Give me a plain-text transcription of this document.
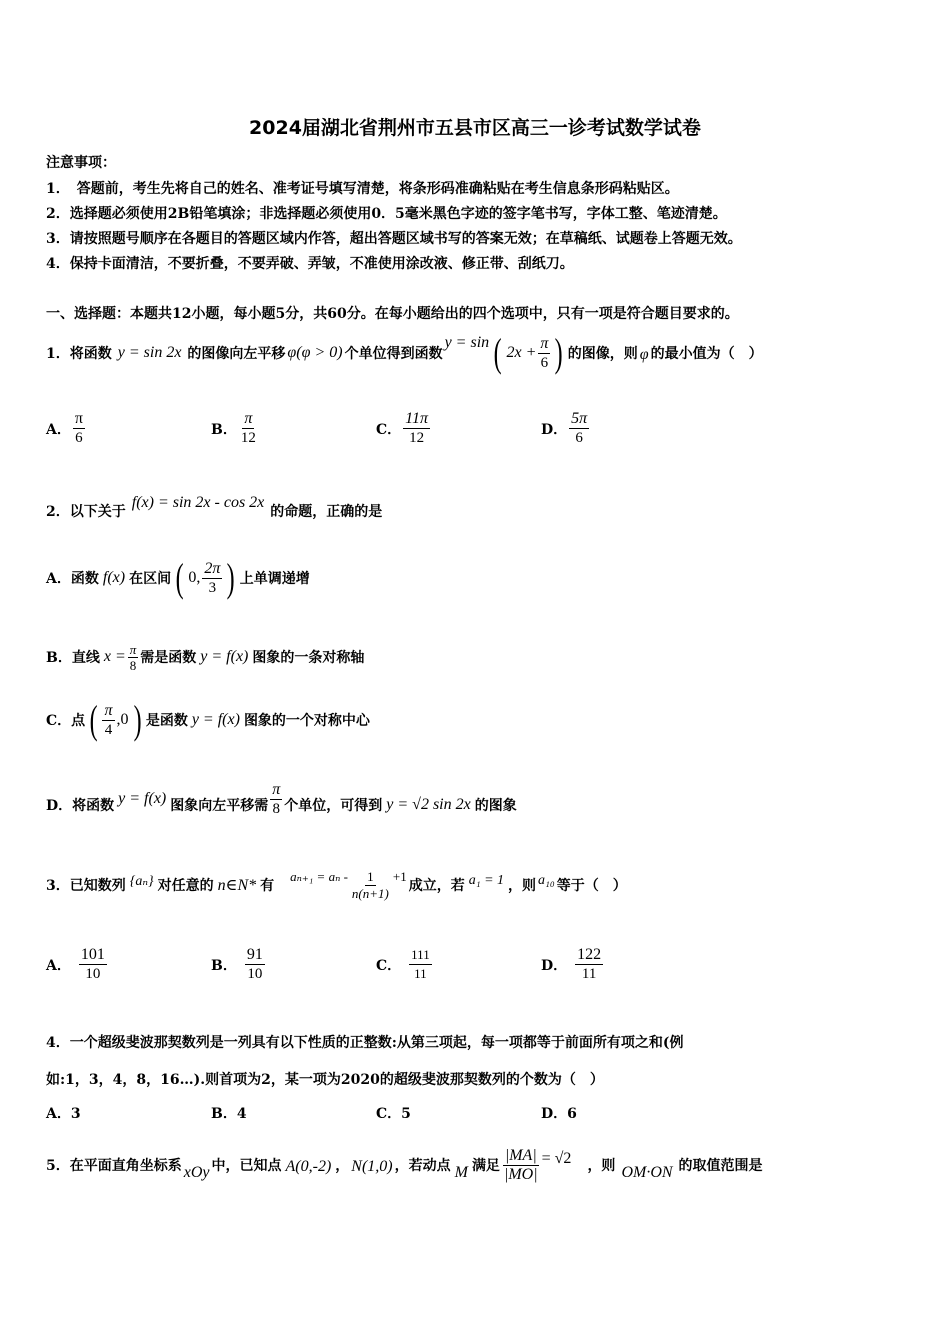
2024届湖北省荆州市五县市区高三一诊考试数学试卷
注意事项：
1．　答题前，考生先将自己的姓名、准考证号填写清楚，将条形码准确粘贴在考生信息条形码粘贴区。
2．选择题必须使用2B铅笔填涂；非选择题必须使用0．5毫米黑色字迹的签字笔书写，字体工整、笔迹清楚。
3．请按照题号顺序在各题目的答题区域内作答，超出答题区域书写的答案无效；在草稿纸、试题卷上答题无效。
4．保持卡面清洁，不要折叠，不要弄破、弄皱，不准使用涂改液、修正带、刮纸刀。
一、选择题：本题共12小题，每小题5分，共60分。在每小题给出的四个选项中，只有一项是符合题目要求的。
1．将函数 y = sin 2x 的图像向左平移 φ(φ > 0) 个单位得到函数
y = sin ( $2x + \frac{\pi}{6}$ ) 的图像，则 φ 的最小值为（　）
A． $\frac{\pi}{6}$	B． $\frac{\pi}{12}$	C． $\frac{11\pi}{12}$	D． $\frac{5\pi}{6}$
2．以下关于
f(x) = sin 2x - cos 2x
的命题，正确的是
A．函数 f(x) 在区间 ( 0, $\frac{2\pi}{3}$ ) 上单调递增
B．直线 $x = \frac{\pi}{8}$ 需是函数 y = f(x) 图象的一条对称轴
C．点 ( $\frac{\pi}{4} ,0$ ) 是函数 y = f(x) 图象的一个对称中心
D．将函数 y = f(x) 图象向左平移需 $\frac{\pi}{8}$ 个单位，可得到 y = √2 sin 2x 的图象
3．已知数列 {aₙ} 对任意的 n∈N* 有
$a_{n+1} = a_n - \frac{1}{n(n+1)} +1$
成立，若 a₁ = 1 ，则 a₁₀ 等于（　）
A． $\frac{101}{10}$	B． $\frac{91}{10}$	C． $\frac{111}{11}$	D． $\frac{122}{11}$
4．一个超级斐波那契数列是一列具有以下性质的正整数:从第三项起，每一项都等于前面所有项之和(例
如:1，3，4，8，16…).则首项为2，某一项为2020的超级斐波那契数列的个数为（　）
A．3	B．4	C．5	D．6
5．在平面直角坐标系 xOy 中，已知点 A(0,-2) ， N(1,0) ，若动点 M 满足 $\frac{|MA|}{|MO|} = √2$ ，则 OM·ON 的取值范围是
